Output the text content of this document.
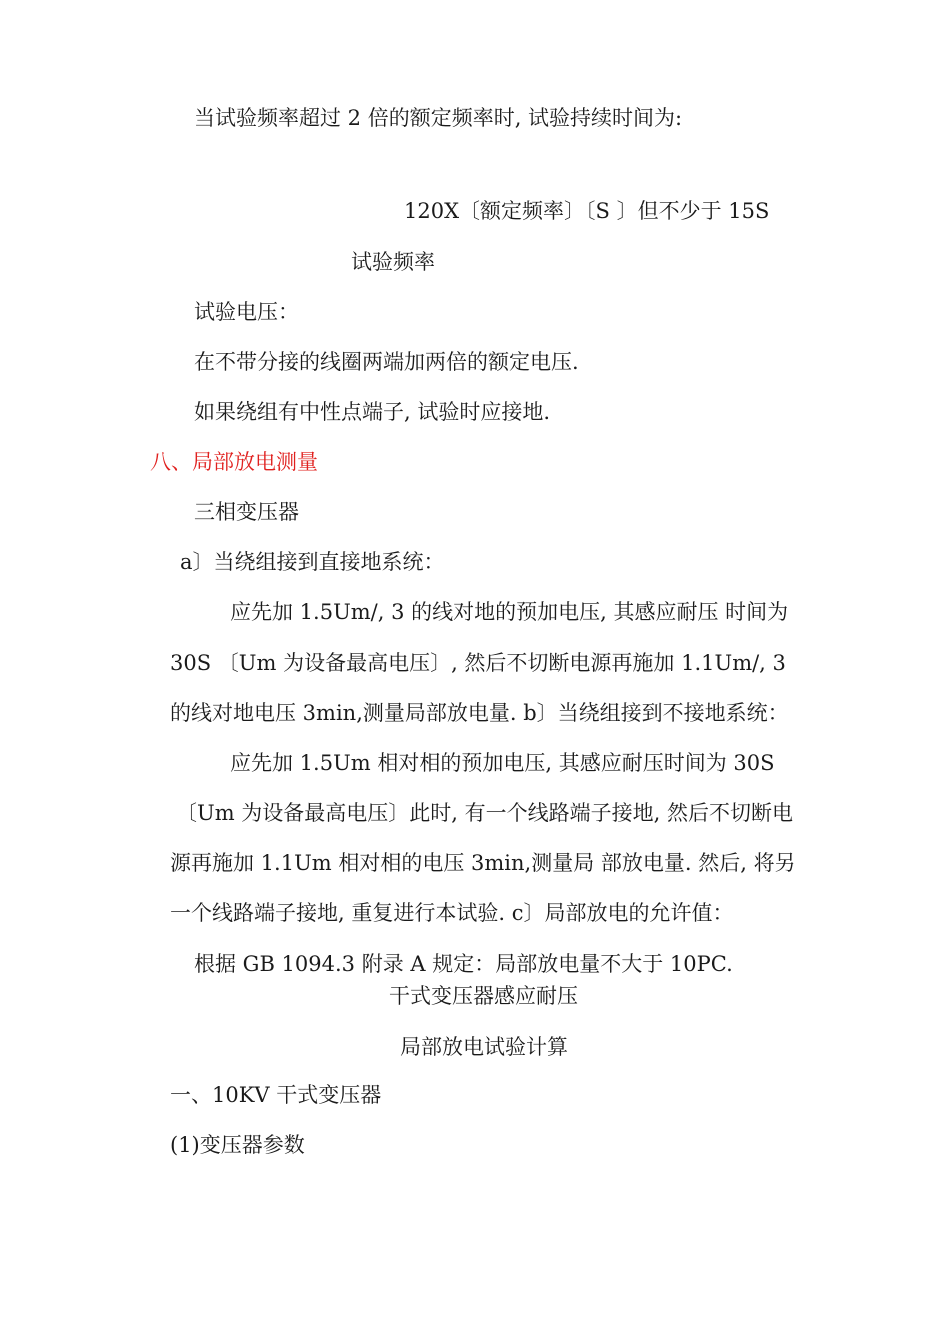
当试验频率超过 2 倍的额定频率时, 试验持续时间为:

120X〔额定频率〕〔S 〕但不少于 15S

试验频率

试验电压：

在不带分接的线圈两端加两倍的额定电压.

如果绕组有中性点端子, 试验时应接地.

八、局部放电测量

三相变压器

a〕当绕组接到直接地系统：

应先加 1.5Um/, 3 的线对地的预加电压, 其感应耐压 时间为

30S 〔Um 为设备最高电压〕, 然后不切断电源再施加 1.1Um/, 3

的线对地电压 3min,测量局部放电量. b〕当绕组接到不接地系统：

应先加 1.5Um 相对相的预加电压, 其感应耐压时间为 30S

〔Um 为设备最高电压〕此时, 有一个线路端子接地, 然后不切断电

源再施加 1.1Um 相对相的电压 3min,测量局 部放电量. 然后, 将另

一个线路端子接地, 重复进行本试验. c〕局部放电的允许值：

根据 GB 1094.3 附录 A 规定：局部放电量不大于 10PC.

干式变压器感应耐压

局部放电试验计算

一、10KV 干式变压器

(1)变压器参数
